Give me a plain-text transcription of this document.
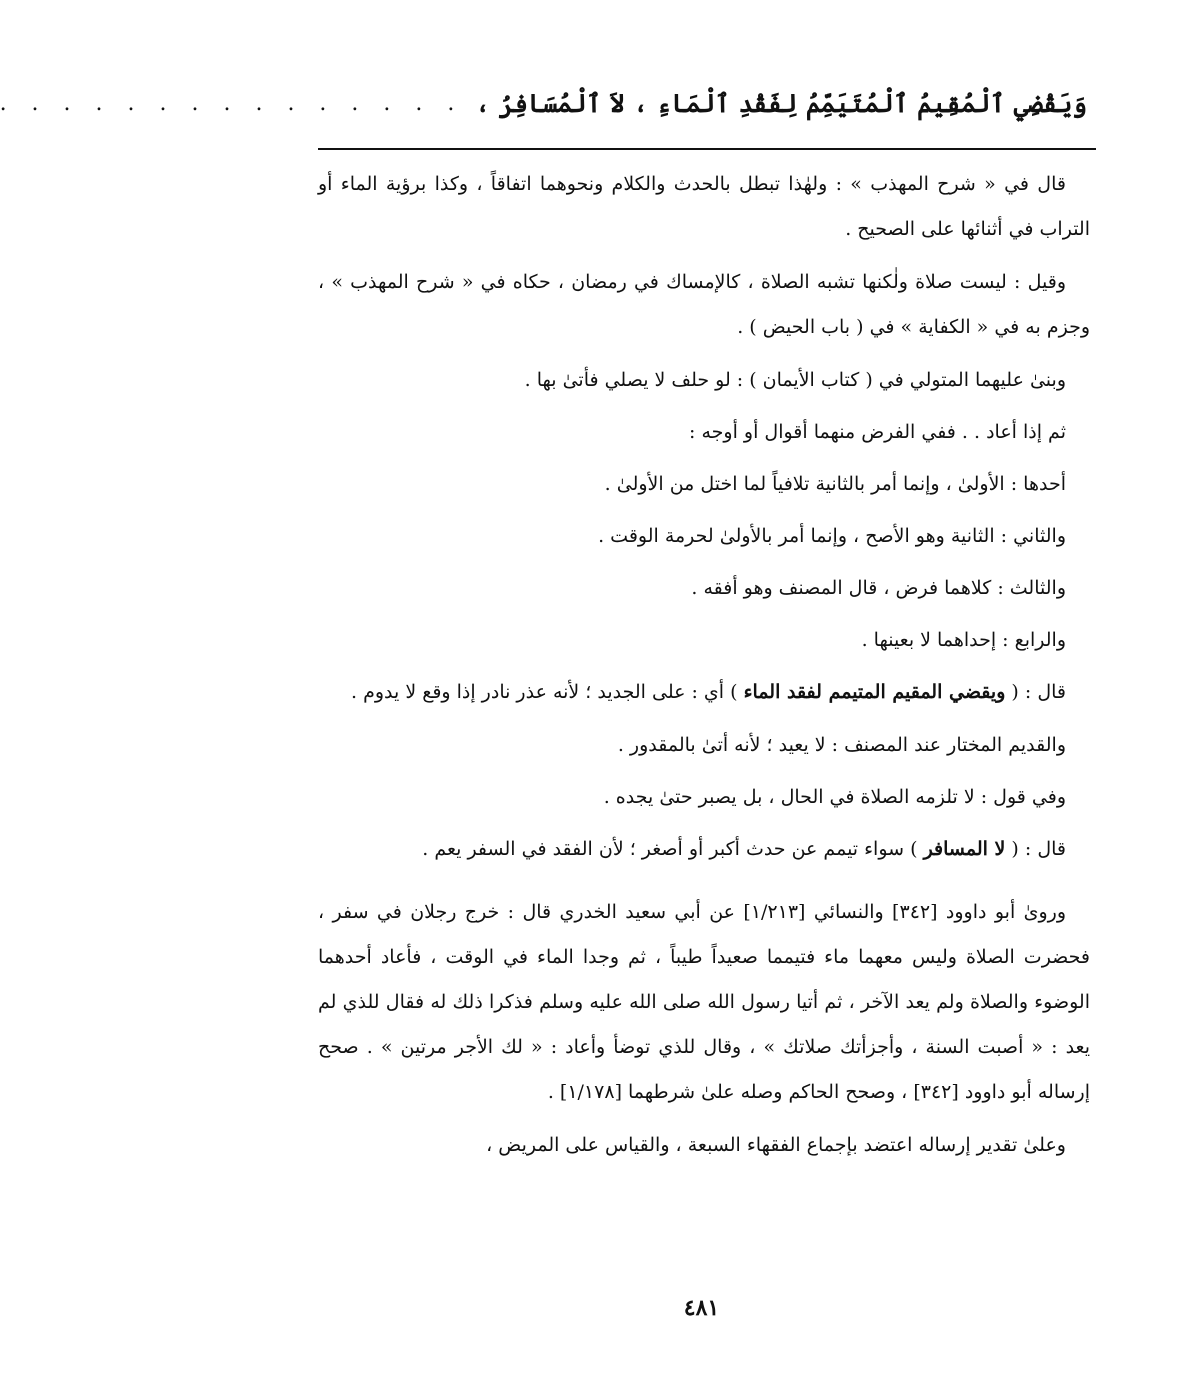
وَيَقْضِي ٱلْمُقِيمُ ٱلْمُتَيَمِّمُ لِفَقْدِ ٱلْمَاءِ ، لاَ ٱلْمُسَافِرُ ،
. . . . . . . . . . . . . . .

قال في « شرح المهذب » : ولهٰذا تبطل بالحدث والكلام ونحوهما اتفاقاً ، وكذا برؤية الماء أو التراب في أثنائها على الصحيح .

وقيل : ليست صلاة ولٰكنها تشبه الصلاة ، كالإمساك في رمضان ، حكاه في « شرح المهذب » ، وجزم به في « الكفاية » في ( باب الحيض ) .

وبنىٰ عليهما المتولي في ( كتاب الأيمان ) : لو حلف لا يصلي فأتىٰ بها .

ثم إذا أعاد . . ففي الفرض منهما أقوال أو أوجه :

أحدها : الأولىٰ ، وإنما أمر بالثانية تلافياً لما اختل من الأولىٰ .

والثاني : الثانية وهو الأصح ، وإنما أمر بالأولىٰ لحرمة الوقت .

والثالث : كلاهما فرض ، قال المصنف وهو أفقه .

والرابع : إحداهما لا بعينها .

قال : ( ويقضي المقيم المتيمم لفقد الماء ) أي : على الجديد ؛ لأنه عذر نادر إذا وقع لا يدوم .

والقديم المختار عند المصنف : لا يعيد ؛ لأنه أتىٰ بالمقدور .

وفي قول : لا تلزمه الصلاة في الحال ، بل يصبر حتىٰ يجده .

قال : ( لا المسافر ) سواء تيمم عن حدث أكبر أو أصغر ؛ لأن الفقد في السفر يعم .

وروىٰ أبو داوود [٣٤٢] والنسائي [١/٢١٣] عن أبي سعيد الخدري قال : خرج رجلان في سفر ، فحضرت الصلاة وليس معهما ماء فتيمما صعيداً طيباً ، ثم وجدا الماء في الوقت ، فأعاد أحدهما الوضوء والصلاة ولم يعد الآخر ، ثم أتيا رسول الله صلى الله عليه وسلم فذكرا ذلك له فقال للذي لم يعد : « أصبت السنة ، وأجزأتك صلاتك » ، وقال للذي توضأ وأعاد : « لك الأجر مرتين » . صحح إرساله أبو داوود [٣٤٢] ، وصحح الحاكم وصله علىٰ شرطهما [١/١٧٨] .

وعلىٰ تقدير إرساله اعتضد بإجماع الفقهاء السبعة ، والقياس على المريض ،

٤٨١
